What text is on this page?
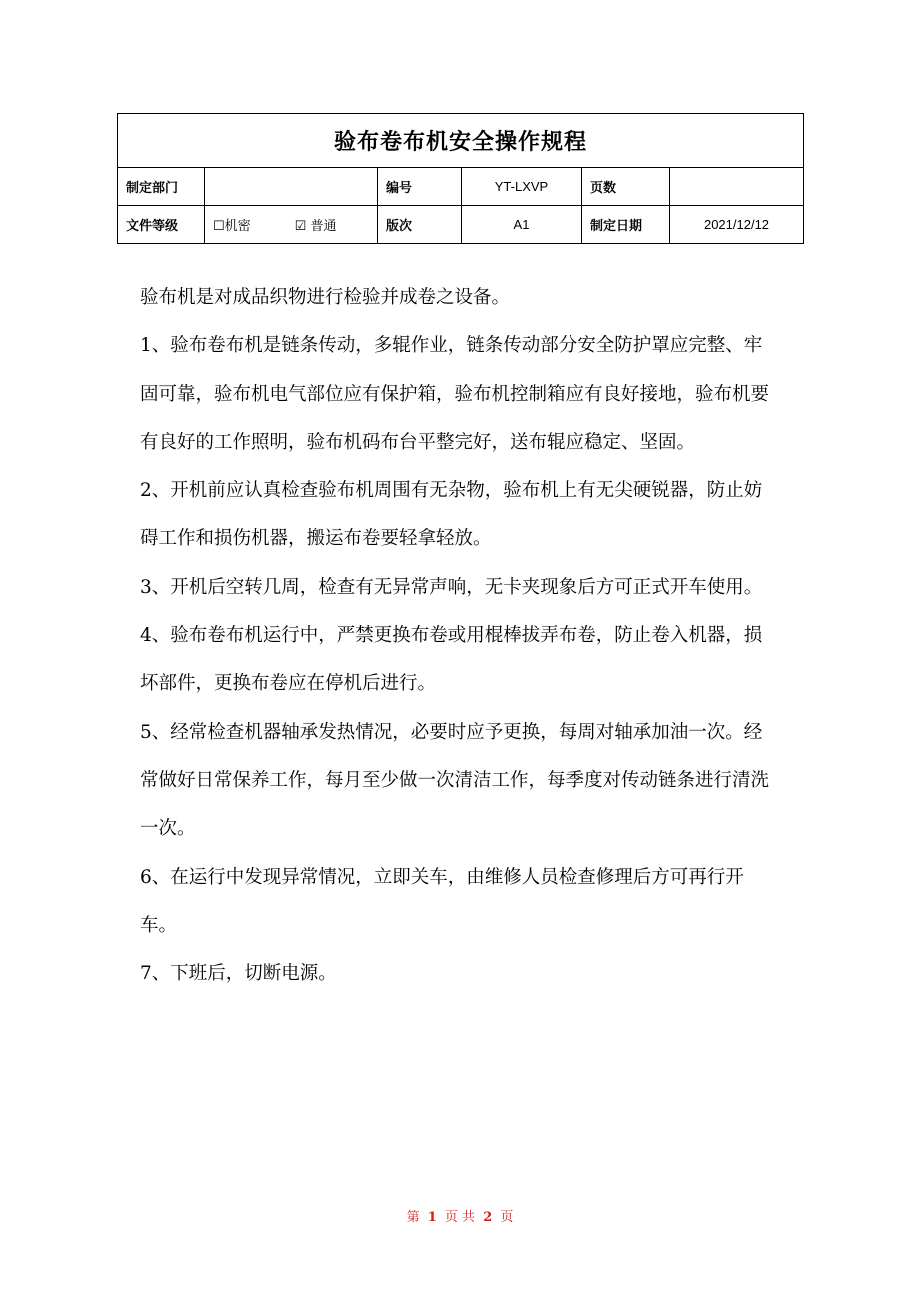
验布卷布机安全操作规程					
制定部门		编号	YT-LXVP	页数	
文件等级	☐机密 ☑ 普通	版次	A1	制定日期	2021/12/12

验布机是对成品织物进行检验并成卷之设备。

1、验布卷布机是链条传动，多辊作业，链条传动部分安全防护罩应完整、牢固可靠，验布机电气部位应有保护箱，验布机控制箱应有良好接地，验布机要有良好的工作照明，验布机码布台平整完好，送布辊应稳定、坚固。

2、开机前应认真检查验布机周围有无杂物，验布机上有无尖硬锐器，防止妨碍工作和损伤机器，搬运布卷要轻拿轻放。

3、开机后空转几周，检查有无异常声响，无卡夹现象后方可正式开车使用。

4、验布卷布机运行中，严禁更换布卷或用棍棒拔弄布卷，防止卷入机器，损坏部件，更换布卷应在停机后进行。

5、经常检查机器轴承发热情况，必要时应予更换，每周对轴承加油一次。经常做好日常保养工作，每月至少做一次清洁工作，每季度对传动链条进行清洗一次。

6、在运行中发现异常情况，立即关车，由维修人员检查修理后方可再行开车。

7、下班后，切断电源。

第 1 页 共 2 页
